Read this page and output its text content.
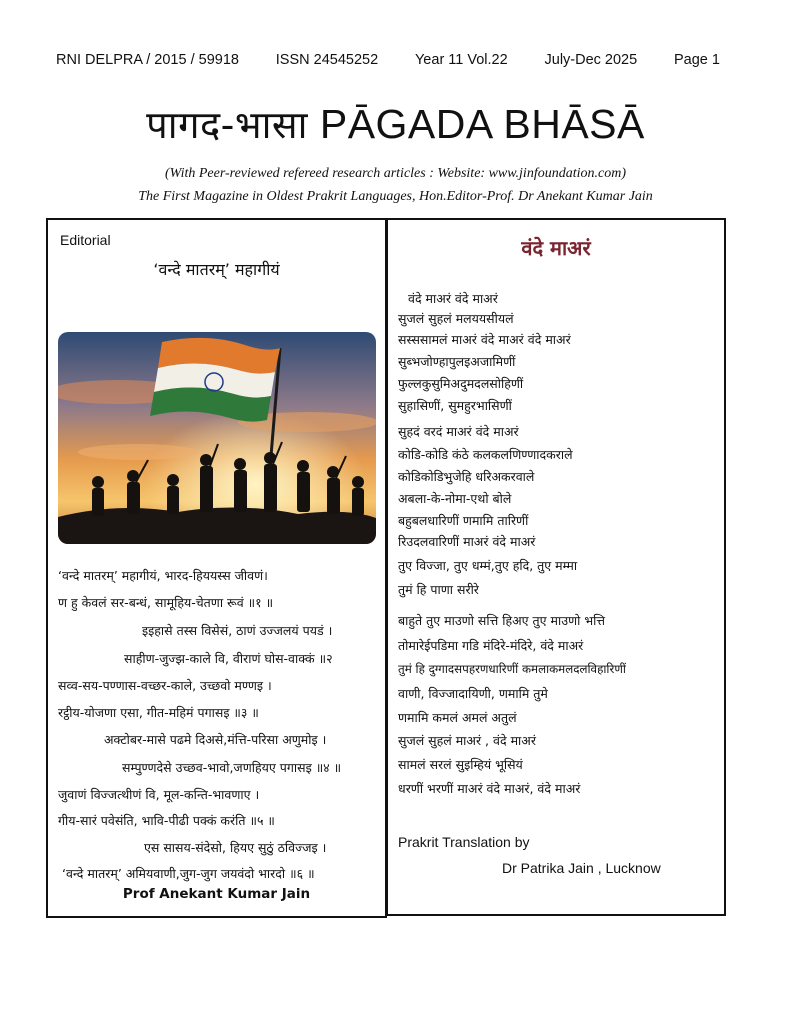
RNI DELPRA / 2015 / 59918	ISSN 24545252	Year 11 Vol.22	July-Dec 2025	Page 1
पागद-भासा PĀGADA BHĀSĀ
(With Peer-reviewed refereed research articles : Website: www.jinfoundation.com)
The First Magazine in Oldest Prakrit Languages, Hon.Editor-Prof. Dr Anekant Kumar Jain
Editorial
‘वन्दे मातरम्’ महागीयं
‘वन्दे मातरम्’ महागीयं, भारद-हिययस्स जीवणं।
ण हु केवलं सर-बन्धं, सामूहिय-चेतणा रूवं ॥१ ॥
इइहासे तस्स विसेसं, ठाणं उज्जलयं पयडं ।
साहीण-जुज्झ-काले वि, वीराणं घोस-वाक्कं ॥२
सव्व-सय-पण्णास-वच्छर-काले, उच्छवो मण्णइ ।
रट्ठीय-योजणा एसा, गीत-महिमं पगासइ ॥३ ॥
अक्टोबर-मासे पढमे दिअसे,मंत्ति-परिसा अणुमोइ ।
सम्पुण्णदेसे उच्छव-भावो,जणहियए पगासइ ॥४ ॥
जुवाणं विज्जत्थीणं वि, मूल-कन्ति-भावणाए ।
गीय-सारं पवेसंति, भावि-पीढी पक्कं करंति ॥५ ॥
एस सासय-संदेसो, हियए सुठुं ठविज्जइ ।
‘वन्दे मातरम्’ अमियवाणी,जुग-जुग जयवंदो भारदो ॥६ ॥
Prof Anekant Kumar Jain
वंदे माअरं
वंदे माअरं वंदे माअरं
सुजलं सुहलं मलययसीयलं
सस्ससामलं माअरं वंदे माअरं वंदे माअरं
सुब्भजोण्हापुलइअजामिणीं
फुल्लकुसुमिअदुमदलसोहिणीं
सुहासिणीं, सुमहुरभासिणीं
सुहदं वरदं माअरं वंदे माअरं
कोडि-कोडि कंठे कलकलणिण्णादकराले
कोडिकोडिभुजेहि धरिअकरवाले
अबला-के-नोमा-एथो बोले
बहुबलधारिणीं णमामि तारिणीं
रिउदलवारिणीं माअरं वंदे माअरं
तुए विज्जा, तुए धम्मं,तुए हदि, तुए मम्मा
तुमं हि पाणा सरीरे
बाहुते तुए माउणो सत्ति हिअए तुए माउणो भत्ति
तोमारेईपडिमा गडि मंदिरे-मंदिरे, वंदे माअरं
तुमं हि दुग्गादसपहरणधारिणीं कमलाकमलदलविहारिणीं
वाणी, विज्जादायिणी, णमामि तुमे
णमामि कमलं अमलं अतुलं
सुजलं सुहलं माअरं , वंदे माअरं
सामलं सरलं सुइम्हियं भूसियं
धरणीं भरणीं माअरं वंदे माअरं, वंदे माअरं
Prakrit Translation by
Dr Patrika Jain , Lucknow
